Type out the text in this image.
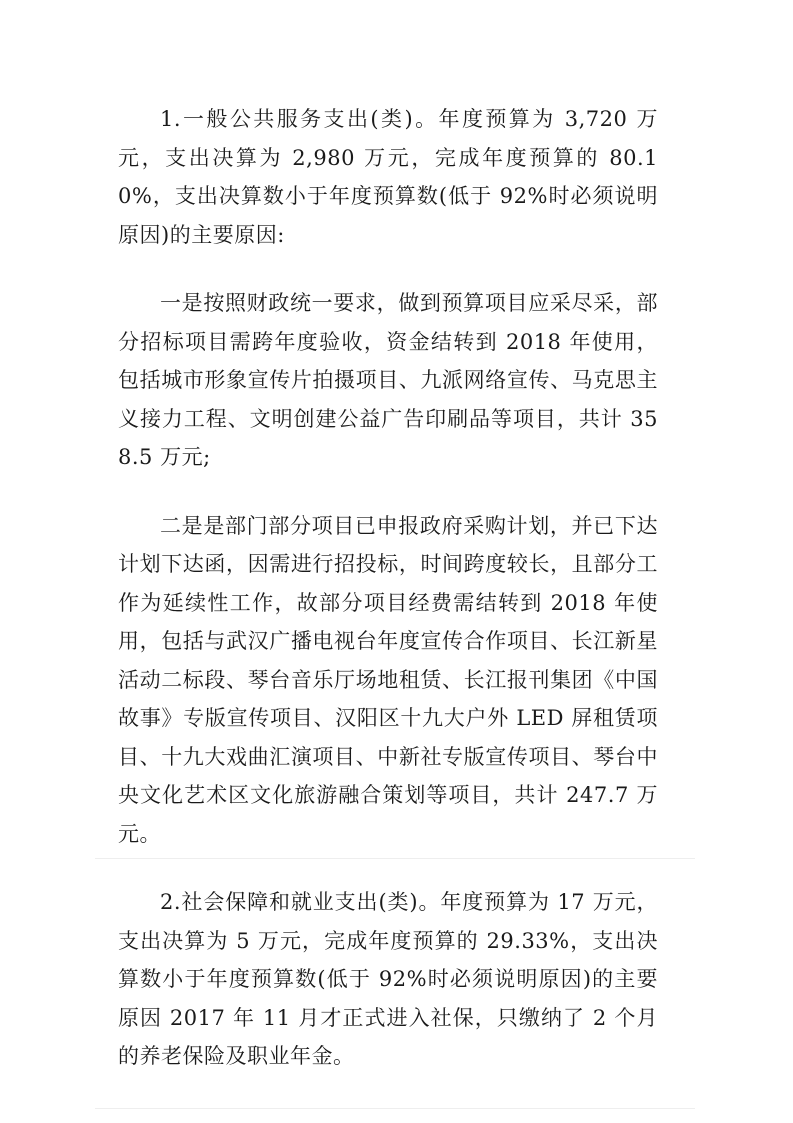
1.一般公共服务支出(类)。年度预算为 3,720 万元，支出决算为 2,980 万元，完成年度预算的 80.10%，支出决算数小于年度预算数(低于 92%时必须说明原因)的主要原因:

一是按照财政统一要求，做到预算项目应采尽采，部分招标项目需跨年度验收，资金结转到 2018 年使用，包括城市形象宣传片拍摄项目、九派网络宣传、马克思主义接力工程、文明创建公益广告印刷品等项目，共计 358.5 万元;

二是是部门部分项目已申报政府采购计划，并已下达计划下达函，因需进行招投标，时间跨度较长，且部分工作为延续性工作，故部分项目经费需结转到 2018 年使用，包括与武汉广播电视台年度宣传合作项目、长江新星活动二标段、琴台音乐厅场地租赁、长江报刊集团《中国故事》专版宣传项目、汉阳区十九大户外 LED 屏租赁项目、十九大戏曲汇演项目、中新社专版宣传项目、琴台中央文化艺术区文化旅游融合策划等项目，共计 247.7 万元。

2.社会保障和就业支出(类)。年度预算为 17 万元，支出决算为 5 万元，完成年度预算的 29.33%，支出决算数小于年度预算数(低于 92%时必须说明原因)的主要原因 2017 年 11 月才正式进入社保，只缴纳了 2 个月的养老保险及职业年金。
